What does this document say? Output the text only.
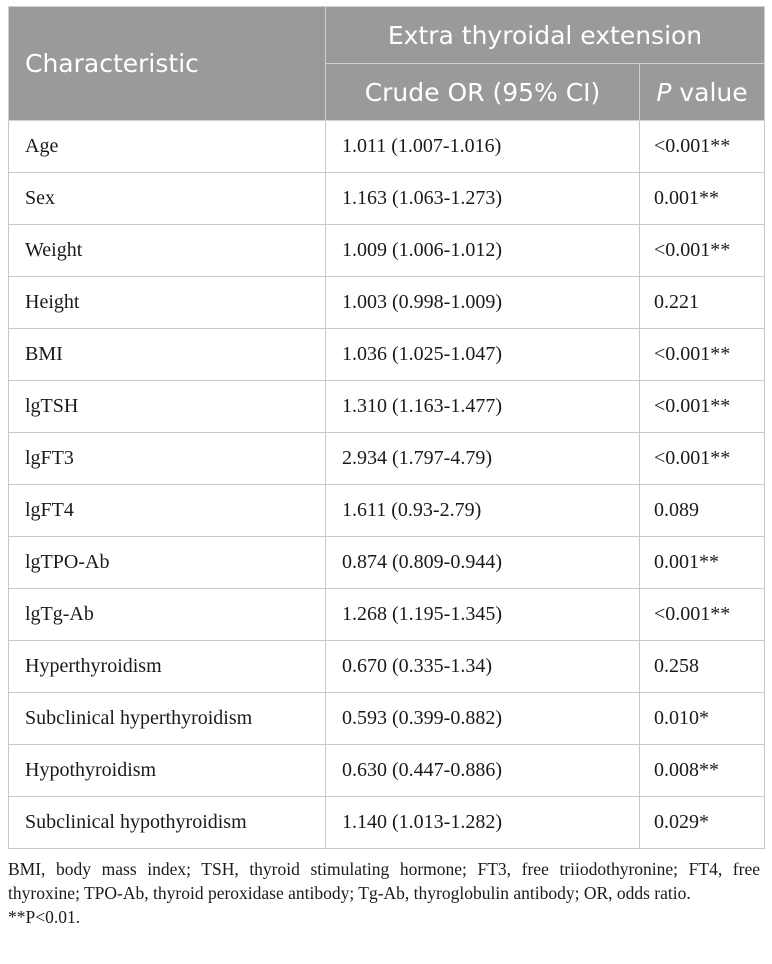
Characteristic	Extra thyroidal extension	
	Crude OR (95% CI)	P value
Age	1.011 (1.007-1.016)	<0.001**
Sex	1.163 (1.063-1.273)	0.001**
Weight	1.009 (1.006-1.012)	<0.001**
Height	1.003 (0.998-1.009)	0.221
BMI	1.036 (1.025-1.047)	<0.001**
lgTSH	1.310 (1.163-1.477)	<0.001**
lgFT3	2.934 (1.797-4.79)	<0.001**
lgFT4	1.611 (0.93-2.79)	0.089
lgTPO-Ab	0.874 (0.809-0.944)	0.001**
lgTg-Ab	1.268 (1.195-1.345)	<0.001**
Hyperthyroidism	0.670 (0.335-1.34)	0.258
Subclinical hyperthyroidism	0.593 (0.399-0.882)	0.010*
Hypothyroidism	0.630 (0.447-0.886)	0.008**
Subclinical hypothyroidism	1.140 (1.013-1.282)	0.029*

BMI, body mass index; TSH, thyroid stimulating hormone; FT3, free triiodothyronine; FT4, free thyroxine; TPO-Ab, thyroid peroxidase antibody; Tg-Ab, thyroglobulin antibody; OR, odds ratio.

**P<0.01.
